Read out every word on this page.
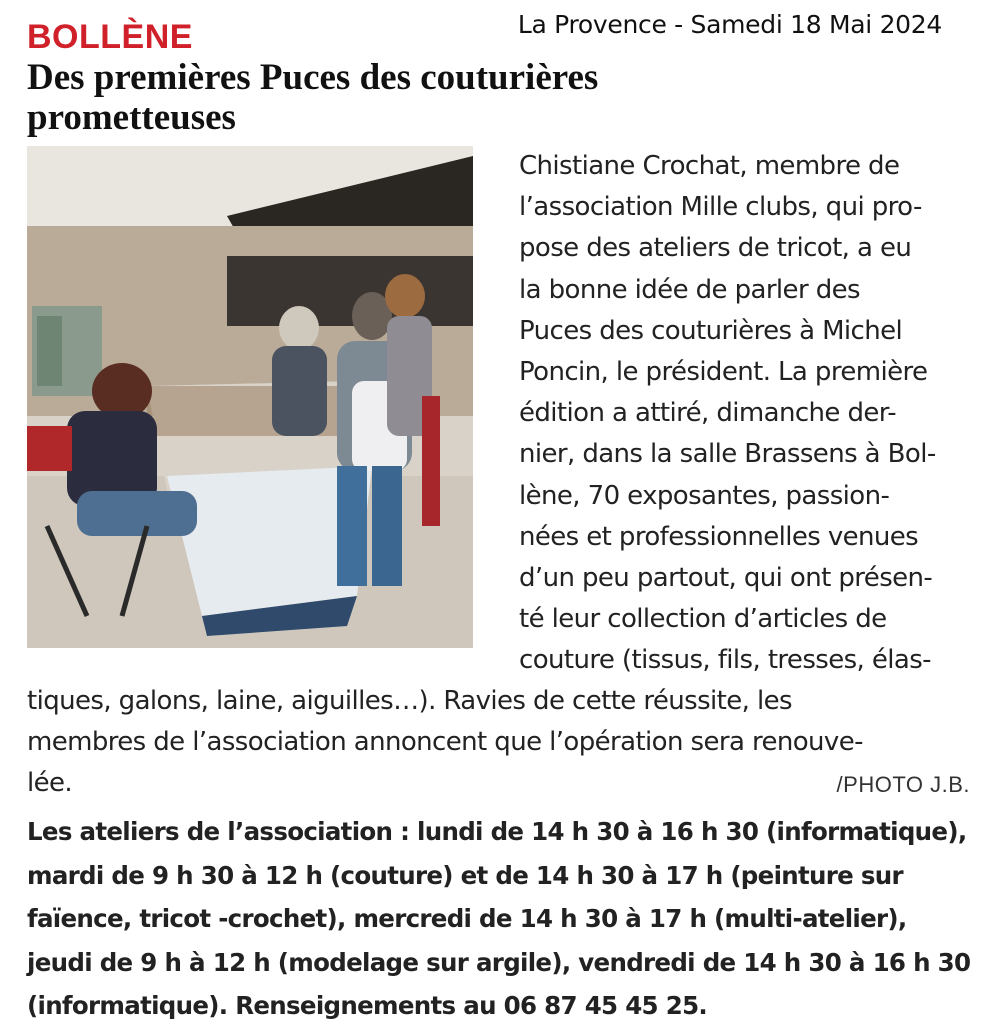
La Provence - Samedi 18 Mai 2024
BOLLÈNE
Des premières Puces des couturières
prometteuses
Chistiane Crochat, membre de
l’association Mille clubs, qui pro-
pose des ateliers de tricot, a eu
la bonne idée de parler des
Puces des couturières à Michel
Poncin, le président. La première
édition a attiré, dimanche der-
nier, dans la salle Brassens à Bol-
lène, 70 exposantes, passion-
nées et professionnelles venues
d’un peu partout, qui ont présen-
té leur collection d’articles de
couture (tissus, fils, tresses, élas-
tiques, galons, laine, aiguilles…). Ravies de cette réussite, les
membres de l’association annoncent que l’opération sera renouve-
lée.	/PHOTO J.B.
Les ateliers de l’association : lundi de 14 h 30 à 16 h 30 (informatique),
mardi de 9 h 30 à 12 h (couture) et de 14 h 30 à 17 h (peinture sur
faïence, tricot -crochet), mercredi de 14 h 30 à 17 h (multi-atelier),
jeudi de 9 h à 12 h (modelage sur argile), vendredi de 14 h 30 à 16 h 30
(informatique). Renseignements au 06 87 45 45 25.
